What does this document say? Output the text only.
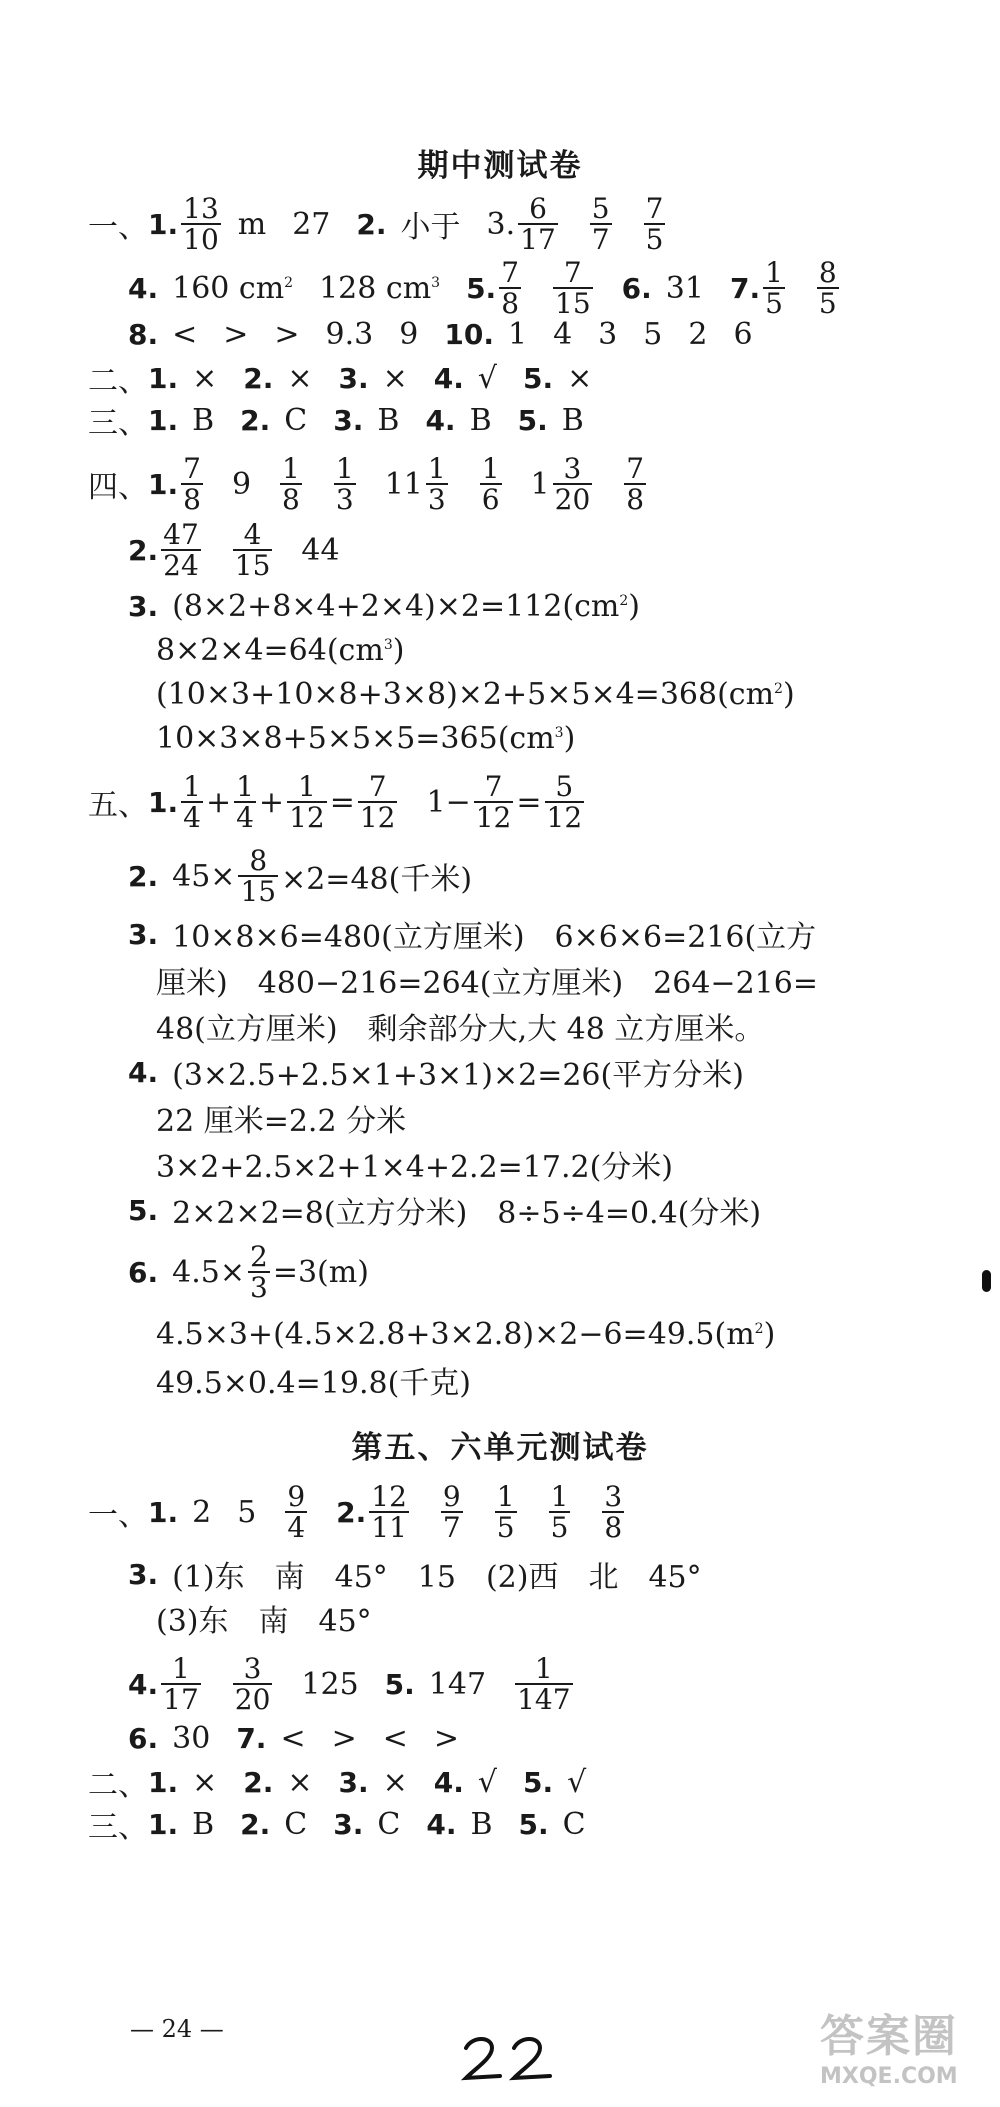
期中测试卷
一、 1. $\frac{13}{10}$ m 27 2. 小于 3. $\frac{6}{17} \frac{5}{7} \frac{7}{5}$
4. 160 $cm^2$ 128 $cm^3$ 5. $\frac{7}{8} \frac{7}{15} 6$. 31 7. $\frac{1}{5} \frac{8}{5}$
8. < > > 9.3 9 10. 1 4 3 5 2 6
二、 1. × 2. × 3. × 4. √ 5. ×
三、 1. B 2. C 3. B 4. B 5. B
四、 1. $\frac{7}{8} 9 \frac{1}{8} \frac{1}{3} 11 \frac{1}{3} \frac{1}{6} 1 \frac{3}{20} \frac{7}{8}$
2. $\frac{47}{24} \frac{4}{15} 44$
3. $(8\times 2+8\times 4+2\times 4)\times 2=112(cm^2)$
$8\times 2\times 4=64(cm^3)$
$(10\times 3+10\times 8+3\times 8)\times 2+5\times 5\times 4=368(cm^2)$
$10\times 3\times 8+5\times 5\times 5=365(cm^3)$
五、 1. $\frac{1}{4} + \frac{1}{4} + \frac{1}{12} = \frac{7}{12} 1- \frac{7}{12} = \frac{5}{12}$
2. $45\times \frac{8}{15} \times 2=48$(千米)
3. 10×8×6=480(立方厘米)　6×6×6=216(立方
厘米)　480−216=264(立方厘米)　264−216=
48(立方厘米)　剩余部分大,大 48 立方厘米。
4. (3×2.5+2.5×1+3×1)×2=26(平方分米)
22 厘米=2.2 分米
3×2+2.5×2+1×4+2.2=17.2(分米)
5. 2×2×2=8(立方分米)　8÷5÷4=0.4(分米)
6. $4.5\times \frac{2}{3} =3(m)$
$4.5\times 3+(4.5\times 2.8+3\times 2.8)\times 2-6=49.5(m^2)$
49.5×0.4=19.8(千克)
第五、六单元测试卷
一、 1. 2 $5 \frac{9}{4} 2$. $\frac{12}{11} \frac{9}{7} \frac{1}{5} \frac{1}{5} \frac{3}{8}$
3. (1)东　南　45°　15　(2)西　北　45°
(3)东　南　45°
4. $\frac{1}{17} \frac{3}{20} 125$ 5. $147 \frac{1}{147}$
6. 30 7. < > < >
二、 1. × 2. × 3. × 4. √ 5. √
三、 1. B 2. C 3. C 4. B 5. C
— 24 —	答案圈
MXQE.COM
